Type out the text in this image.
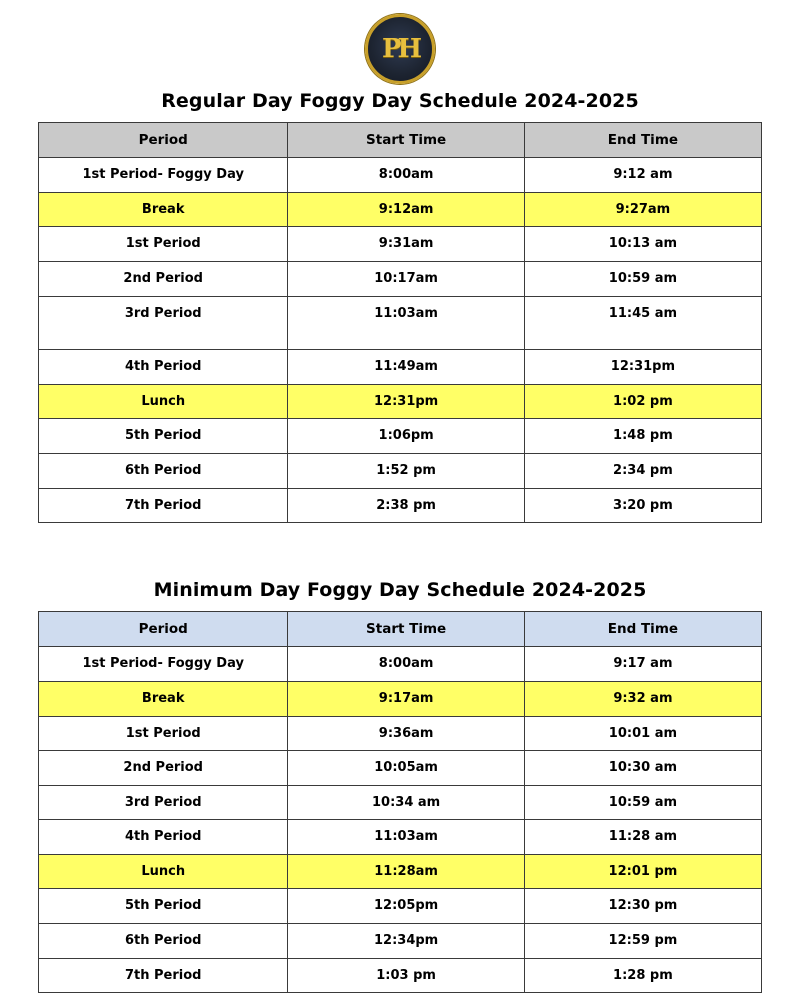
PH
Regular Day Foggy Day Schedule 2024-2025
Period	Start Time	End Time
1st Period- Foggy Day	8:00am	9:12 am
Break	9:12am	9:27am
1st Period	9:31am	10:13 am
2nd Period	10:17am	10:59 am
3rd Period	11:03am	11:45 am
4th Period	11:49am	12:31pm
Lunch	12:31pm	1:02 pm
5th Period	1:06pm	1:48 pm
6th Period	1:52 pm	2:34 pm
7th Period	2:38 pm	3:20 pm
Minimum Day Foggy Day Schedule 2024-2025
Period	Start Time	End Time
1st Period- Foggy Day	8:00am	9:17 am
Break	9:17am	9:32 am
1st Period	9:36am	10:01 am
2nd Period	10:05am	10:30 am
3rd Period	10:34 am	10:59 am
4th Period	11:03am	11:28 am
Lunch	11:28am	12:01 pm
5th Period	12:05pm	12:30 pm
6th Period	12:34pm	12:59 pm
7th Period	1:03 pm	1:28 pm
